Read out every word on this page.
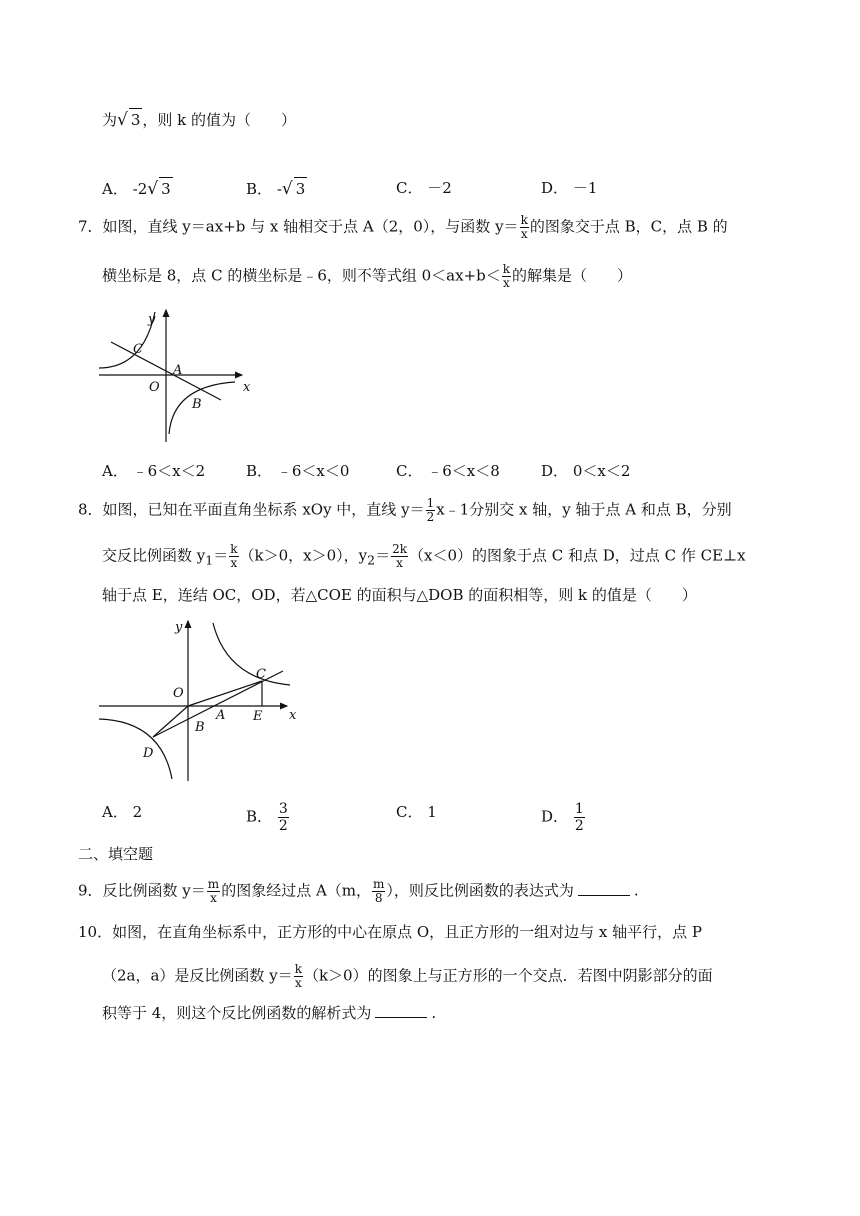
为√ 3 ，则 k 的值为（　　）
A． -2√ 3	B． -√ 3	C． －2	D． －1
7．如图，直线 y＝ax+b 与 x 轴相交于点 A（2，0），与函数 $y= \frac{k}{x}$ 的图象交于点 B，C，点 B 的
横坐标是 8，点 C 的横坐标是﹣6，则不等式组 $0<ax+b< \frac{k}{x}$ 的解集是（　　）
x
y
O
A
B
C
A． ﹣6＜x＜2	B． ﹣6＜x＜0	C． ﹣6＜x＜8	D． 0＜x＜2
8．如图，已知在平面直角坐标系 xOy 中，直线 $y= \frac{1}{2}$ x﹣1分别交 x 轴，y 轴于点 A 和点 B，分别
交反比例函数 $y_1= \frac{k}{x} (k>0$，x＞0），$y_2= \frac{2k}{x} (x<0)$的图象于点 C 和点 D，过点 C 作 CE⊥x
轴于点 E，连结 OC，OD，若△COE 的面积与△DOB 的面积相等，则 k 的值是（　　）
x
y
O
A
B
C
D
E
A． 2	B． $\frac{3}{2}$	C． 1	D． $\frac{1}{2}$
二、填空题
9．反比例函数 $y= \frac{m}{x}$ 的图象经过点 A（m， $\frac{m}{8}$ ），则反比例函数的表达式为	.
10．如图，在直角坐标系中，正方形的中心在原点 O，且正方形的一组对边与 x 轴平行，点 P
（2a，a）是反比例函数 $y= \frac{k}{x} (k>0)$的图象上与正方形的一个交点．若图中阴影部分的面
积等于 4，则这个反比例函数的解析式为	.
